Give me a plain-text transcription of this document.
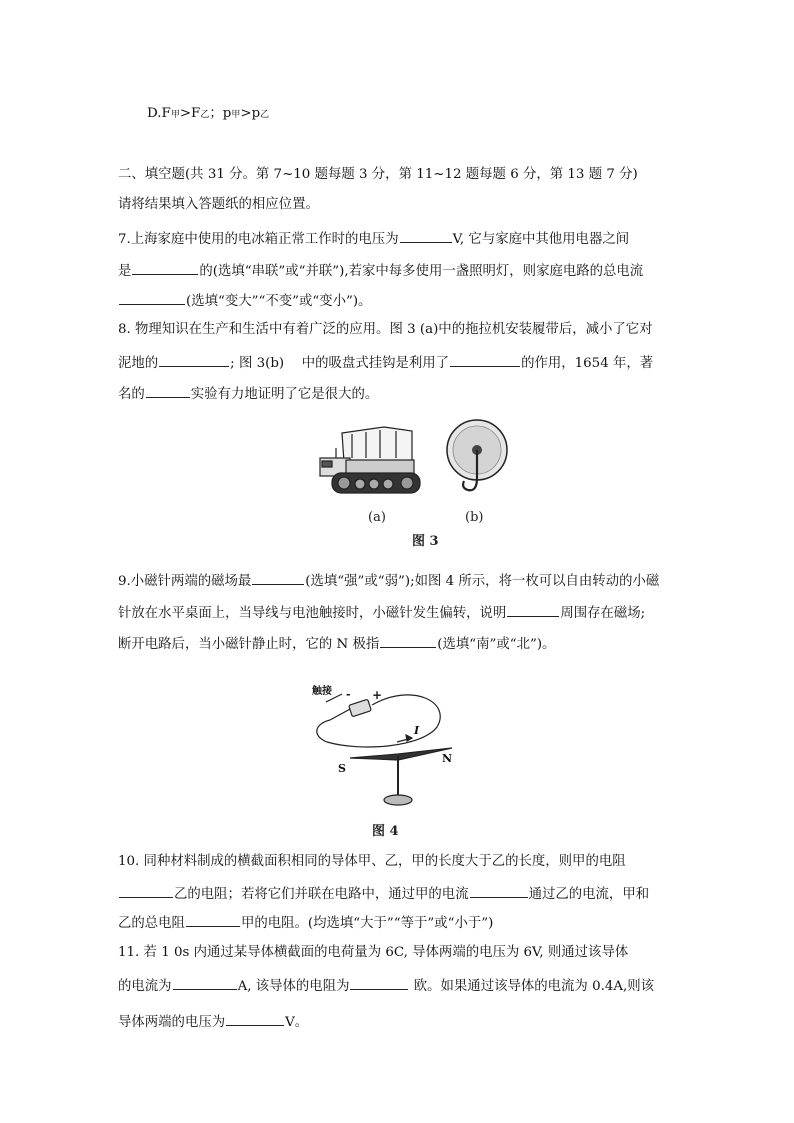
D.F甲>F乙；p甲>p乙
二、填空题(共 31 分。第 7~10 题每题 3 分，第 11~12 题每题 6 分，第 13 题 7 分)
请将结果填入答题纸的相应位置。
7.上海家庭中使用的电冰箱正常工作时的电压为	V, 它与家庭中其他用电器之间
是	的(选填“串联”或“并联”),若家中每多使用一盏照明灯，则家庭电路的总电流
(选填“变大”“不变”或“变小”)。
8. 物理知识在生产和生活中有着广泛的应用。图 3 (a)中的拖拉机安装履带后，减小了它对
泥地的	; 图 3(b)　 中的吸盘式挂钩是利用了	的作用，1654 年，著
名的	实验有力地证明了它是很大的。
(a)	(b)
图 3
9.小磁针两端的磁场最	(选填“强”或“弱”);如图 4 所示，将一枚可以自由转动的小磁
针放在水平桌面上，当导线与电池触接时，小磁针发生偏转，说明	周围存在磁场;
断开电路后，当小磁针静止时，它的 N 极指	(选填“南”或“北”)。
触接 - +
I
S
N
图 4
10. 同种材料制成的横截面积相同的导体甲、乙，甲的长度大于乙的长度，则甲的电阻
乙的电阻；若将它们并联在电路中，通过甲的电流	通过乙的电流，甲和
乙的总电阻	甲的电阻。(均选填“大于”“等于”或“小于”)
11. 若 1 0s 内通过某导体横截面的电荷量为 6C, 导体两端的电压为 6V, 则通过该导体
的电流为	A, 该导体的电阻为	欧。如果通过该导体的电流为 0.4A,则该
导体两端的电压为	V。
